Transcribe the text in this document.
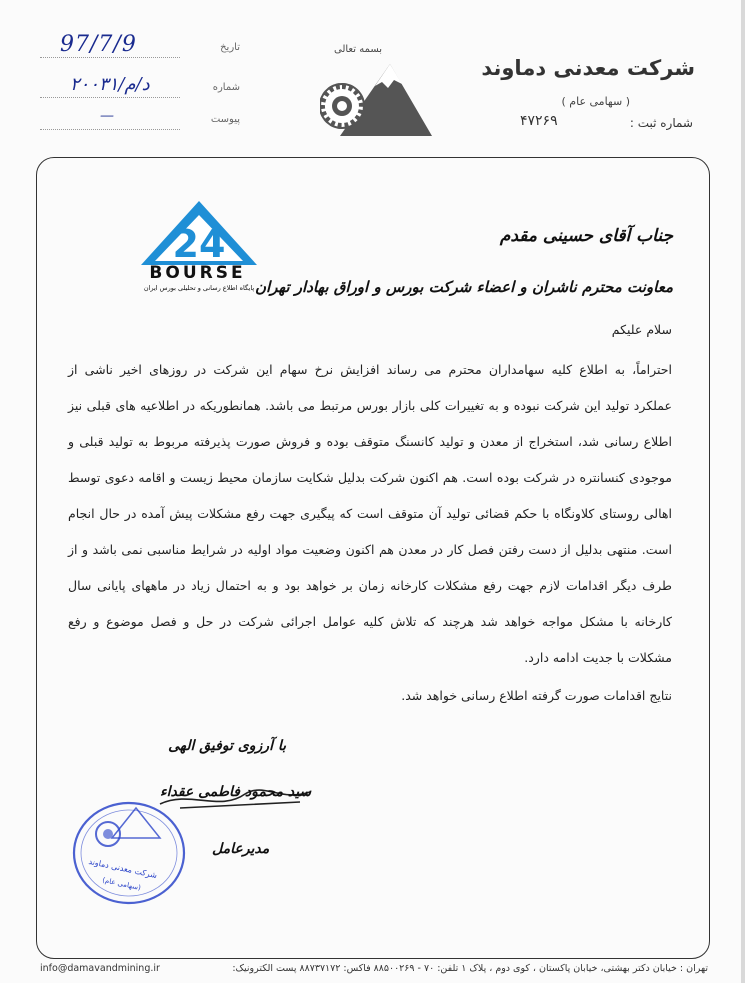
تاریخ
97/7/9
شماره
د/م/۲۰۰۳۱
پیوست
—
بسمه تعالی
شرکت معدنی دماوند
( سهامی عام )
شماره ثبت :
۴۷۲۶۹
24
BOURSE
پایگاه اطلاع رسانی و تحلیلی بورس ایران
جناب آقای حسینی مقدم
معاونت محترم ناشران و اعضاء شرکت بورس و اوراق بهادار تهران
سلام علیکم
احتراماً، به اطلاع کلیه سهامداران محترم می رساند افزایش نرخ سهام این شرکت در روزهای اخیر ناشی از
عملکرد تولید این شرکت نبوده و به تغییرات کلی بازار بورس مرتبط می باشد. همانطوریکه در اطلاعیه های قبلی نیز
اطلاع رسانی شد، استخراج از معدن و تولید کانسنگ متوقف بوده و فروش صورت پذیرفته مربوط به تولید قبلی و
موجودی کنسانتره در شرکت بوده است. هم اکنون شرکت بدلیل شکایت سازمان محیط زیست و اقامه دعوی توسط
اهالی روستای کلاونگاه با حکم قضائی تولید آن متوقف است که پیگیری جهت رفع مشکلات پیش آمده در حال انجام
است. منتهی بدلیل از دست رفتن فصل کار در معدن هم اکنون وضعیت مواد اولیه در شرایط مناسبی نمی باشد و از
طرف دیگر اقدامات لازم جهت رفع مشکلات کارخانه زمان بر خواهد بود و به احتمال زیاد در ماههای پایانی سال
کارخانه با مشکل مواجه خواهد شد هرچند که تلاش کلیه عوامل اجرائی شرکت در حل و فصل موضوع و رفع
مشکلات با جدیت ادامه دارد.
نتایج اقدامات صورت گرفته اطلاع رسانی خواهد شد.
با آرزوی توفیق الهی
سید محمود فاطمی عقداء
مدیرعامل
شرکت معدنی دماوند
(سهامی عام)
info@damavandmining.ir	تهران : خیابان دکتر بهشتی، خیابان پاکستان ، کوی دوم ، پلاک ۱ تلفن: ۷۰ - ۸۸۵۰۰۲۶۹ فاکس: ۸۸۷۳۷۱۷۲ پست الکترونیک:
